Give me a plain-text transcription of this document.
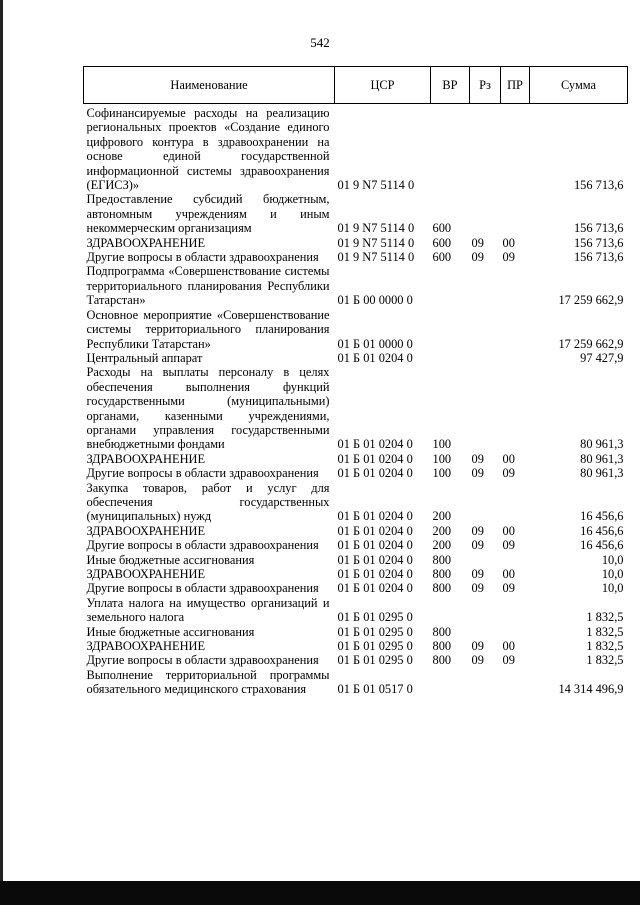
542
Наименование	ЦСР	ВР	Рз	ПР	Сумма
Софинансируемые расходы на реализацию региональных проектов «Создание единого цифрового контура в здравоохранении на основе единой государственной информационной системы здравоохранения (ЕГИСЗ)»	01 9 N7 5114 0				156 713,6
Предоставление субсидий бюджетным, автономным учреждениям и иным некоммерческим организациям	01 9 N7 5114 0	600			156 713,6
ЗДРАВООХРАНЕНИЕ	01 9 N7 5114 0	600	09	00	156 713,6
Другие вопросы в области здравоохранения	01 9 N7 5114 0	600	09	09	156 713,6
Подпрограмма «Совершенствование системы территориального планирования Республики Татарстан»	01 Б 00 0000 0				17 259 662,9
Основное мероприятие «Совершенствование системы территориального планирования Республики Татарстан»	01 Б 01 0000 0				17 259 662,9
Центральный аппарат	01 Б 01 0204 0				97 427,9
Расходы на выплаты персоналу в целях обеспечения выполнения функций государственными (муниципальными) органами, казенными учреждениями, органами управления государственными внебюджетными фондами	01 Б 01 0204 0	100			80 961,3
ЗДРАВООХРАНЕНИЕ	01 Б 01 0204 0	100	09	00	80 961,3
Другие вопросы в области здравоохранения	01 Б 01 0204 0	100	09	09	80 961,3
Закупка товаров, работ и услуг для обеспечения государственных (муниципальных) нужд	01 Б 01 0204 0	200			16 456,6
ЗДРАВООХРАНЕНИЕ	01 Б 01 0204 0	200	09	00	16 456,6
Другие вопросы в области здравоохранения	01 Б 01 0204 0	200	09	09	16 456,6
Иные бюджетные ассигнования	01 Б 01 0204 0	800			10,0
ЗДРАВООХРАНЕНИЕ	01 Б 01 0204 0	800	09	00	10,0
Другие вопросы в области здравоохранения	01 Б 01 0204 0	800	09	09	10,0
Уплата налога на имущество организаций и земельного налога	01 Б 01 0295 0				1 832,5
Иные бюджетные ассигнования	01 Б 01 0295 0	800			1 832,5
ЗДРАВООХРАНЕНИЕ	01 Б 01 0295 0	800	09	00	1 832,5
Другие вопросы в области здравоохранения	01 Б 01 0295 0	800	09	09	1 832,5
Выполнение территориальной программы обязательного медицинского страхования	01 Б 01 0517 0				14 314 496,9
